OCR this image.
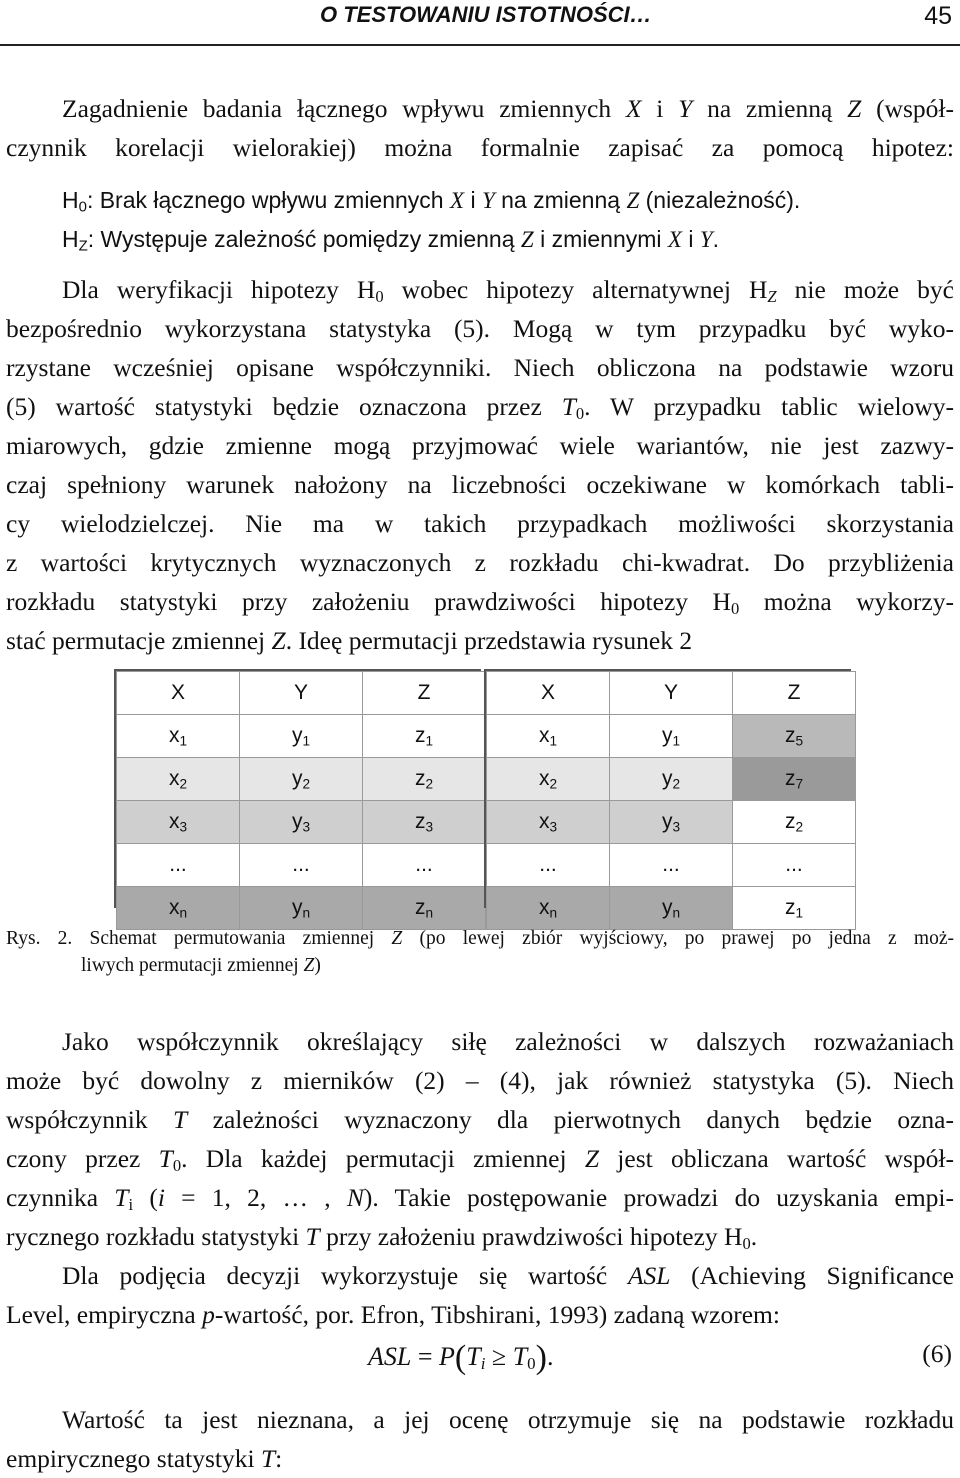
O TESTOWANIU ISTOTNOŚCI…	45
Zagadnienie badania łącznego wpływu zmiennych X i Y na zmienną Z (współ-
czynnik korelacji wielorakiej) można formalnie zapisać za pomocą hipotez:
$H_0$: Brak łącznego wpływu zmiennych X i Y na zmienną Z (niezależność).
$H_Z$: Występuje zależność pomiędzy zmienną Z i zmiennymi X i Y.
Dla weryfikacji hipotezy $H_0$ wobec hipotezy alternatywnej $H_Z$ nie może być
bezpośrednio wykorzystana statystyka (5). Mogą w tym przypadku być wyko-
rzystane wcześniej opisane współczynniki. Niech obliczona na podstawie wzoru
(5) wartość statystyki będzie oznaczona przez $T_0$. W przypadku tablic wielowy-
miarowych, gdzie zmienne mogą przyjmować wiele wariantów, nie jest zazwy-
czaj spełniony warunek nałożony na liczebności oczekiwane w komórkach tabli-
cy wielodzielczej. Nie ma w takich przypadkach możliwości skorzystania
z wartości krytycznych wyznaczonych z rozkładu chi-kwadrat. Do przybliżenia
rozkładu statystyki przy założeniu prawdziwości hipotezy $H_0$ można wykorzy-
stać permutacje zmiennej Z. Ideę permutacji przedstawia rysunek 2
X	Y	Z
$x_1$	$y_1$	$z_1$
$x_2$	$y_2$	$z_2$
$x_3$	$y_3$	$z_3$
...	...	...
$x_n$	$y_n$	$z_n$
X	Y	Z
$x_1$	$y_1$	$z_5$
$x_2$	$y_2$	$z_7$
$x_3$	$y_3$	$z_2$
...	...	...
$x_n$	$y_n$	$z_1$
Rys. 2. Schemat permutowania zmiennej Z (po lewej zbiór wyjściowy, po prawej po jedna z moż-
liwych permutacji zmiennej Z)
Jako współczynnik określający siłę zależności w dalszych rozważaniach
może być dowolny z mierników (2) – (4), jak również statystyka (5). Niech
współczynnik T zależności wyznaczony dla pierwotnych danych będzie ozna-
czony przez $T_0$. Dla każdej permutacji zmiennej Z jest obliczana wartość współ-
czynnika $T_i$ (i = 1, 2, … , N). Takie postępowanie prowadzi do uzyskania empi-
rycznego rozkładu statystyki T przy założeniu prawdziwości hipotezy $H_0$.
Dla podjęcia decyzji wykorzystuje się wartość ASL (Achieving Significance
Level, empiryczna p-wartość, por. Efron, Tibshirani, 1993) zadaną wzorem:
ASL = $P(T_i \ge T_0)$.	(6)
Wartość ta jest nieznana, a jej ocenę otrzymuje się na podstawie rozkładu
empirycznego statystyki T:
